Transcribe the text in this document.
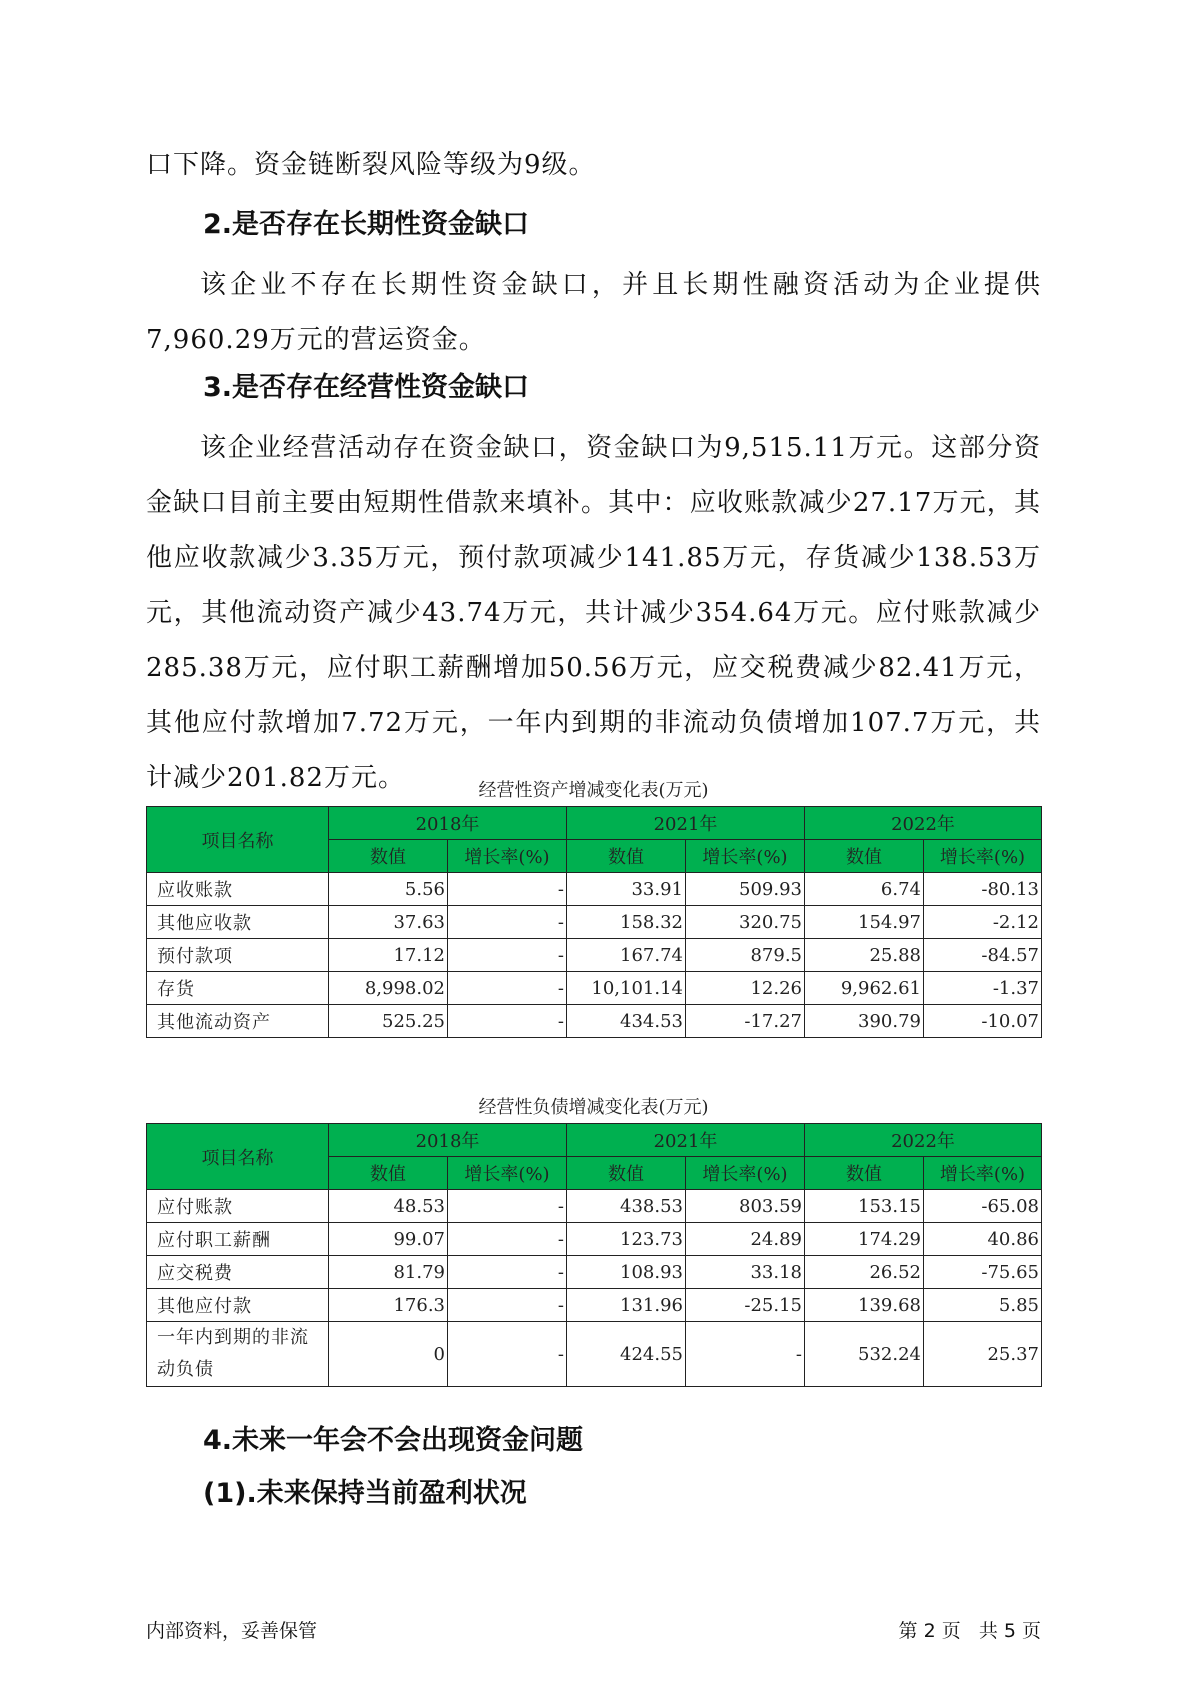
口下降。资金链断裂风险等级为9级。

2.是否存在长期性资金缺口

该企业不存在长期性资金缺口，并且长期性融资活动为企业提供7,960.29万元的营运资金。

3.是否存在经营性资金缺口

该企业经营活动存在资金缺口，资金缺口为9,515.11万元。这部分资金缺口目前主要由短期性借款来填补。其中：应收账款减少27.17万元，其他应收款减少3.35万元，预付款项减少141.85万元，存货减少138.53万元，其他流动资产减少43.74万元，共计减少354.64万元。应付账款减少285.38万元，应付职工薪酬增加50.56万元，应交税费减少82.41万元，其他应付款增加7.72万元，一年内到期的非流动负债增加107.7万元，共计减少201.82万元。	经营性资产增减变化表(万元)
项目名称	2018年		2021年		2022年	
	数值	增长率(%)	数值	增长率(%)	数值	增长率(%)
应收账款	5.56	-	33.91	509.93	6.74	-80.13
其他应收款	37.63	-	158.32	320.75	154.97	-2.12
预付款项	17.12	-	167.74	879.5	25.88	-84.57
存货	8,998.02	-	10,101.14	12.26	9,962.61	-1.37
其他流动资产	525.25	-	434.53	-17.27	390.79	-10.07
经营性负债增减变化表(万元)
项目名称	2018年		2021年		2022年	
	数值	增长率(%)	数值	增长率(%)	数值	增长率(%)
应付账款	48.53	-	438.53	803.59	153.15	-65.08
应付职工薪酬	99.07	-	123.73	24.89	174.29	40.86
应交税费	81.79	-	108.93	33.18	26.52	-75.65
其他应付款	176.3	-	131.96	-25.15	139.68	5.85
一年内到期的非流动负债	0	-	424.55	-	532.24	25.37
4.未来一年会不会出现资金问题
(1).未来保持当前盈利状况
内部资料，妥善保管	第 2 页   共 5 页
